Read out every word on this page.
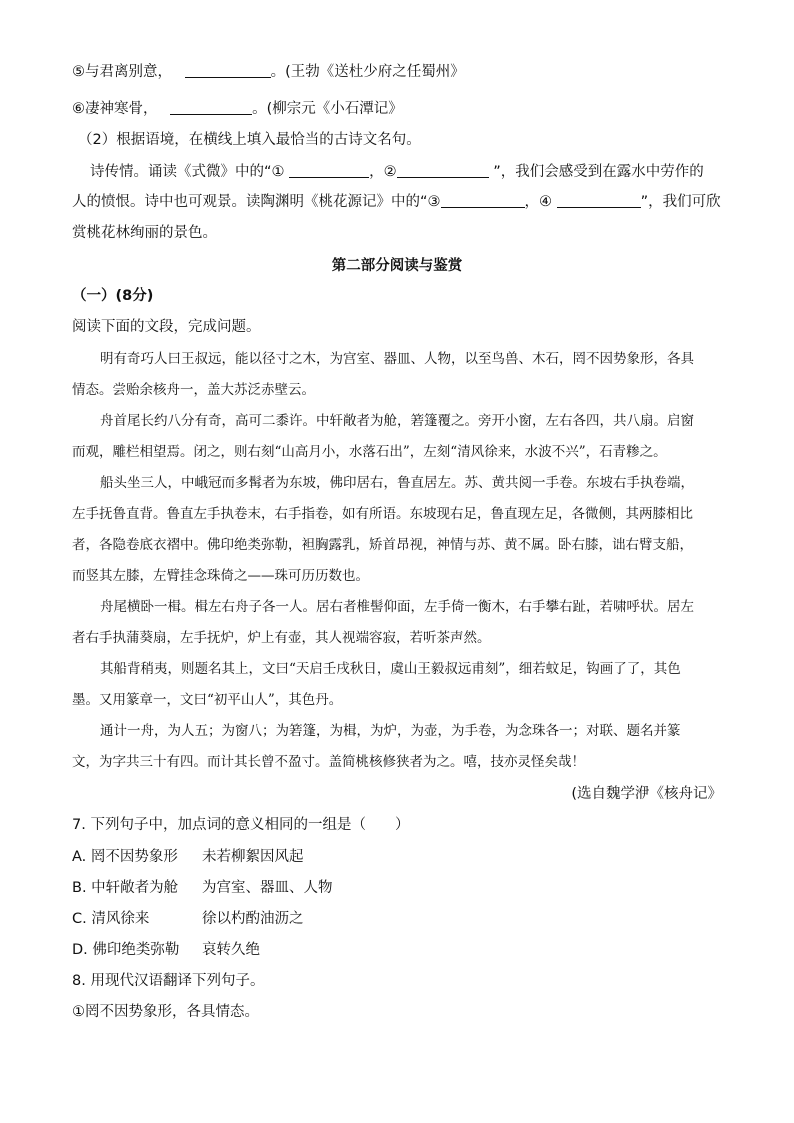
⑤与君离别意，	。(王勃《送杜少府之任蜀州》
⑥凄神寒骨，	。(柳宗元《小石潭记》
（2）根据语境，在横线上填入最恰当的古诗文名句。
诗传情。诵读《式微》中的“①	，②	”，我们会感受到在露水中劳作的
人的愤恨。诗中也可观景。读陶渊明《桃花源记》中的“③	，④	”，我们可欣
赏桃花林绚丽的景色。
第二部分阅读与鉴赏
（一）(8分)
阅读下面的文段，完成问题。
明有奇巧人曰王叔远，能以径寸之木，为宫室、器皿、人物，以至鸟兽、木石，罔不因势象形，各具
情态。尝贻余核舟一，盖大苏泛赤壁云。
舟首尾长约八分有奇，高可二黍许。中轩敞者为舱，箬篷覆之。旁开小窗，左右各四，共八扇。启窗
而观，雕栏相望焉。闭之，则右刻“山高月小，水落石出”，左刻“清风徐来，水波不兴”，石青糁之。
船头坐三人，中峨冠而多髯者为东坡，佛印居右，鲁直居左。苏、黄共阅一手卷。东坡右手执卷端，
左手抚鲁直背。鲁直左手执卷末，右手指卷，如有所语。东坡现右足，鲁直现左足，各微侧，其两膝相比
者，各隐卷底衣褶中。佛印绝类弥勒，袒胸露乳，矫首昂视，神情与苏、黄不属。卧右膝，诎右臂支船，
而竖其左膝，左臂挂念珠倚之——珠可历历数也。
舟尾横卧一楫。楫左右舟子各一人。居右者椎髻仰面，左手倚一衡木，右手攀右趾，若啸呼状。居左
者右手执蒲葵扇，左手抚炉，炉上有壶，其人视端容寂，若听茶声然。
其船背稍夷，则题名其上，文曰“天启壬戌秋日，虞山王毅叔远甫刻”，细若蚊足，钩画了了，其色
墨。又用篆章一，文曰“初平山人”，其色丹。
通计一舟，为人五；为窗八；为箬篷，为楫，为炉，为壶，为手卷，为念珠各一；对联、题名并篆
文，为字共三十有四。而计其长曾不盈寸。盖简桃核修狭者为之。嘻，技亦灵怪矣哉！
(选自魏学洢《核舟记》
7. 下列句子中，加点词的意义相同的一组是（　　）
A. 罔不因势象形 未若柳絮因风起
B. 中轩敞者为舱 为宫室、器皿、人物
C. 清风徐来	徐以杓酌油沥之
D. 佛印绝类弥勒 哀转久绝
8. 用现代汉语翻译下列句子。
①罔不因势象形，各具情态。
